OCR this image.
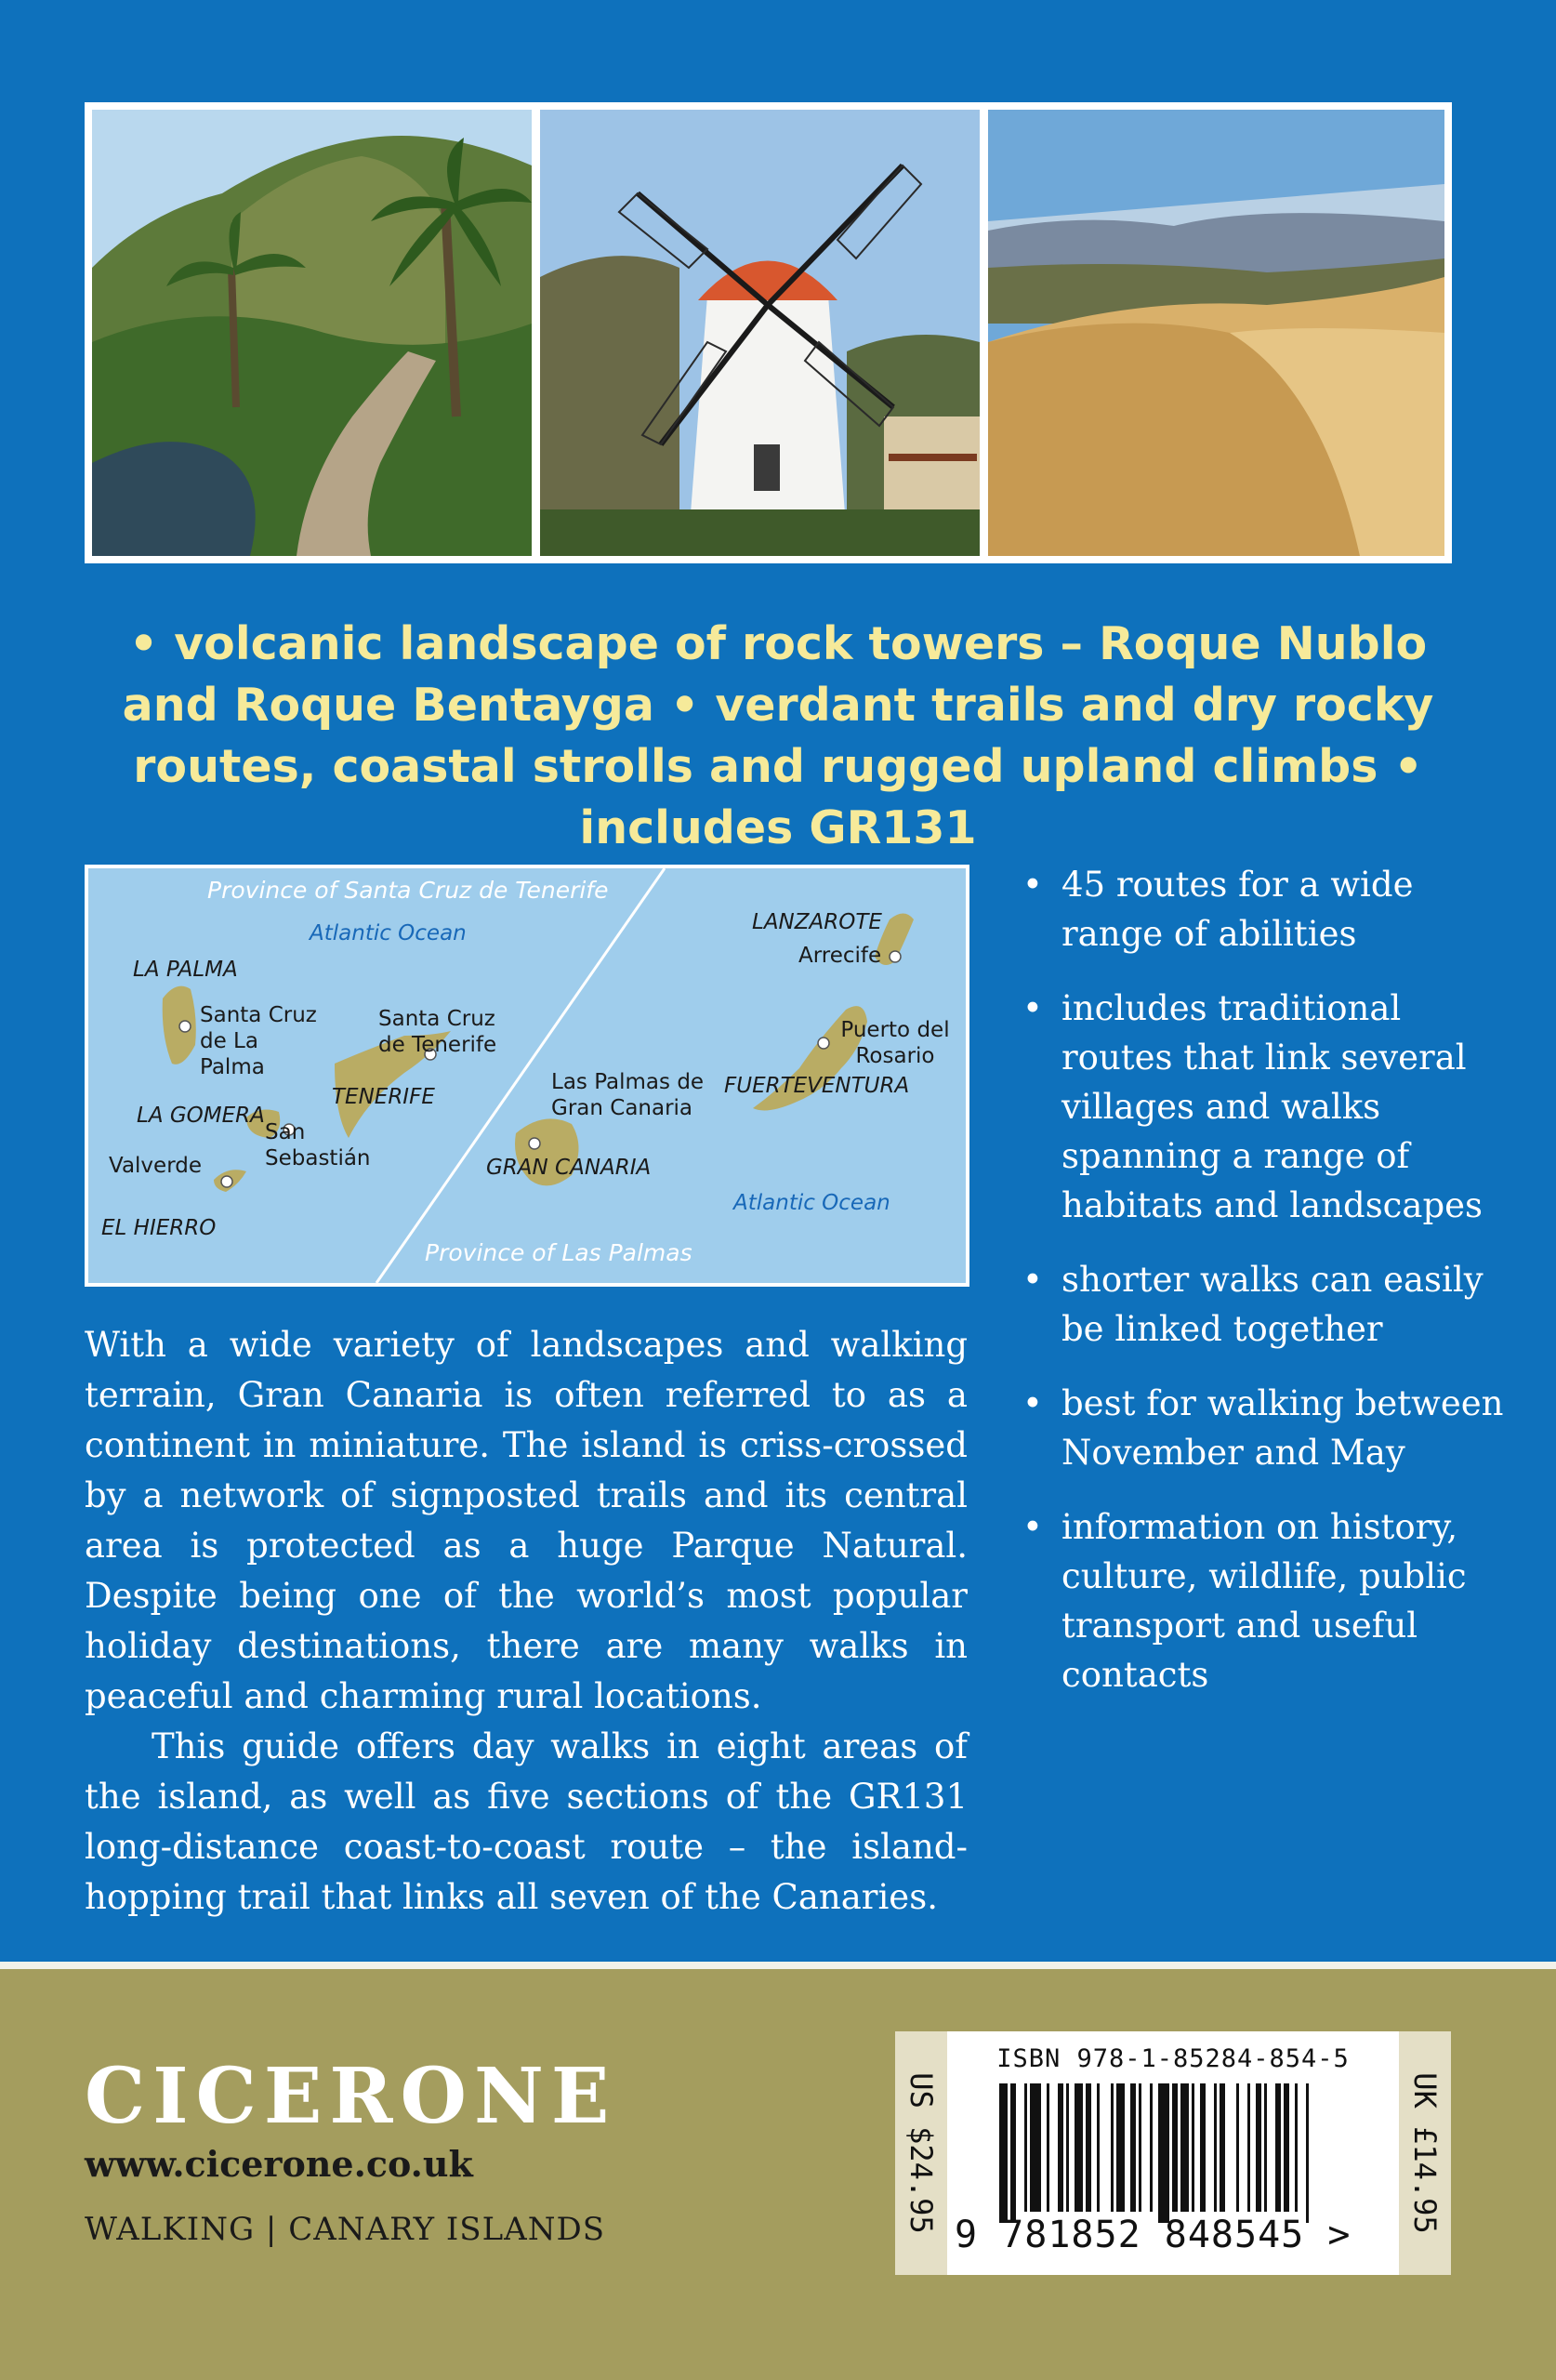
• volcanic landscape of rock towers – Roque Nublo and Roque Bentayga • verdant trails and dry rocky routes, coastal strolls and rugged upland climbs • includes GR131
Province of Santa Cruz de Tenerife
Province of Las Palmas
Atlantic Ocean
Atlantic Ocean
LA PALMA
Santa Cruz de La Palma
Santa Cruz de Tenerife
TENERIFE
LA GOMERA
San Sebastián
Valverde
EL HIERRO
Las Palmas de Gran Canaria
GRAN CANARIA
LANZAROTE
Arrecife
Puerto del Rosario
FUERTEVENTURA

With a wide variety of landscapes and walking terrain, Gran Canaria is often referred to as a continent in miniature. The island is criss-crossed by a network of signposted trails and its central area is protected as a huge Parque Natural. Despite being one of the world’s most popular holiday destinations, there are many walks in peaceful and charming rural locations.

This guide offers day walks in eight areas of the island, as well as five sections of the GR131 long-distance coast-to-coast route – the island-hopping trail that links all seven of the Canaries.

• 45 routes for a wide range of abilities
• includes traditional routes that link several villages and walks spanning a range of habitats and landscapes
• shorter walks can easily be linked together
• best for walking between November and May
• information on history, culture, wildlife, public transport and useful contacts
CICERONE
www.cicerone.co.uk
WALKING | CANARY ISLANDS	US $24.95
ISBN 978-1-85284-854-5
9 781852 848545 >
UK £14.95
